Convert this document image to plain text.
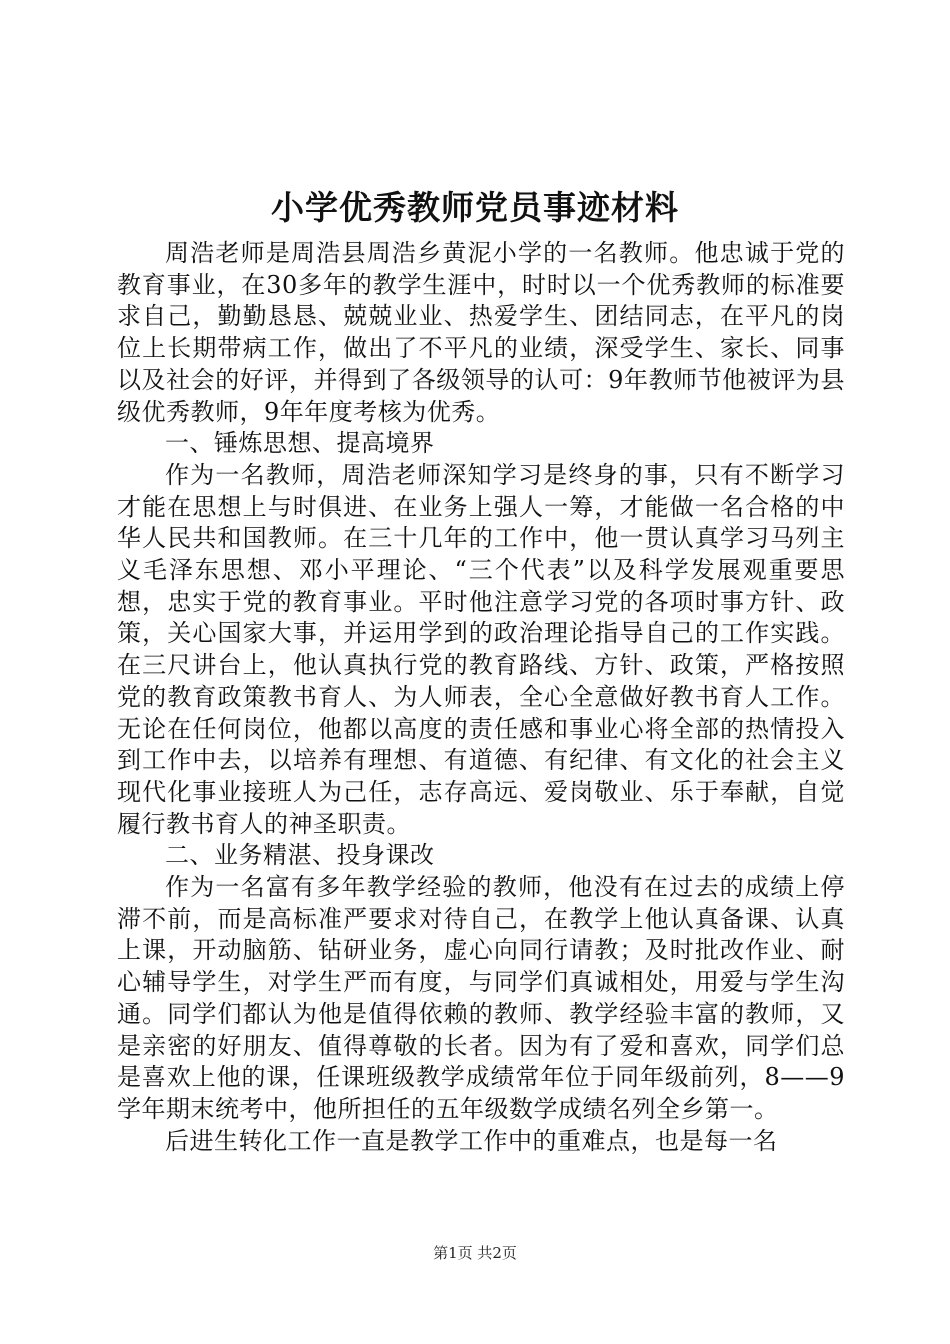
小学优秀教师党员事迹材料

周浩老师是周浩县周浩乡黄泥小学的一名教师。他忠诚于党的教育事业，在30多年的教学生涯中，时时以一个优秀教师的标准要求自己，勤勤恳恳、兢兢业业、热爱学生、团结同志，在平凡的岗位上长期带病工作，做出了不平凡的业绩，深受学生、家长、同事以及社会的好评，并得到了各级领导的认可：9年教师节他被评为县级优秀教师，9年年度考核为优秀。

一、锤炼思想、提高境界

作为一名教师，周浩老师深知学习是终身的事，只有不断学习才能在思想上与时俱进、在业务上强人一筹，才能做一名合格的中华人民共和国教师。在三十几年的工作中，他一贯认真学习马列主义毛泽东思想、邓小平理论、“三个代表”以及科学发展观重要思想，忠实于党的教育事业。平时他注意学习党的各项时事方针、政策，关心国家大事，并运用学到的政治理论指导自己的工作实践。在三尺讲台上，他认真执行党的教育路线、方针、政策，严格按照党的教育政策教书育人、为人师表，全心全意做好教书育人工作。无论在任何岗位，他都以高度的责任感和事业心将全部的热情投入到工作中去，以培养有理想、有道德、有纪律、有文化的社会主义现代化事业接班人为己任，志存高远、爱岗敬业、乐于奉献，自觉履行教书育人的神圣职责。

二、业务精湛、投身课改

作为一名富有多年教学经验的教师，他没有在过去的成绩上停滞不前，而是高标准严要求对待自己，在教学上他认真备课、认真上课，开动脑筋、钻研业务，虚心向同行请教；及时批改作业、耐心辅导学生，对学生严而有度，与同学们真诚相处，用爱与学生沟通。同学们都认为他是值得依赖的教师、教学经验丰富的教师，又是亲密的好朋友、值得尊敬的长者。因为有了爱和喜欢，同学们总是喜欢上他的课，任课班级教学成绩常年位于同年级前列，8——9学年期末统考中，他所担任的五年级数学成绩名列全乡第一。

后进生转化工作一直是教学工作中的重难点，也是每一名

第1页 共2页
